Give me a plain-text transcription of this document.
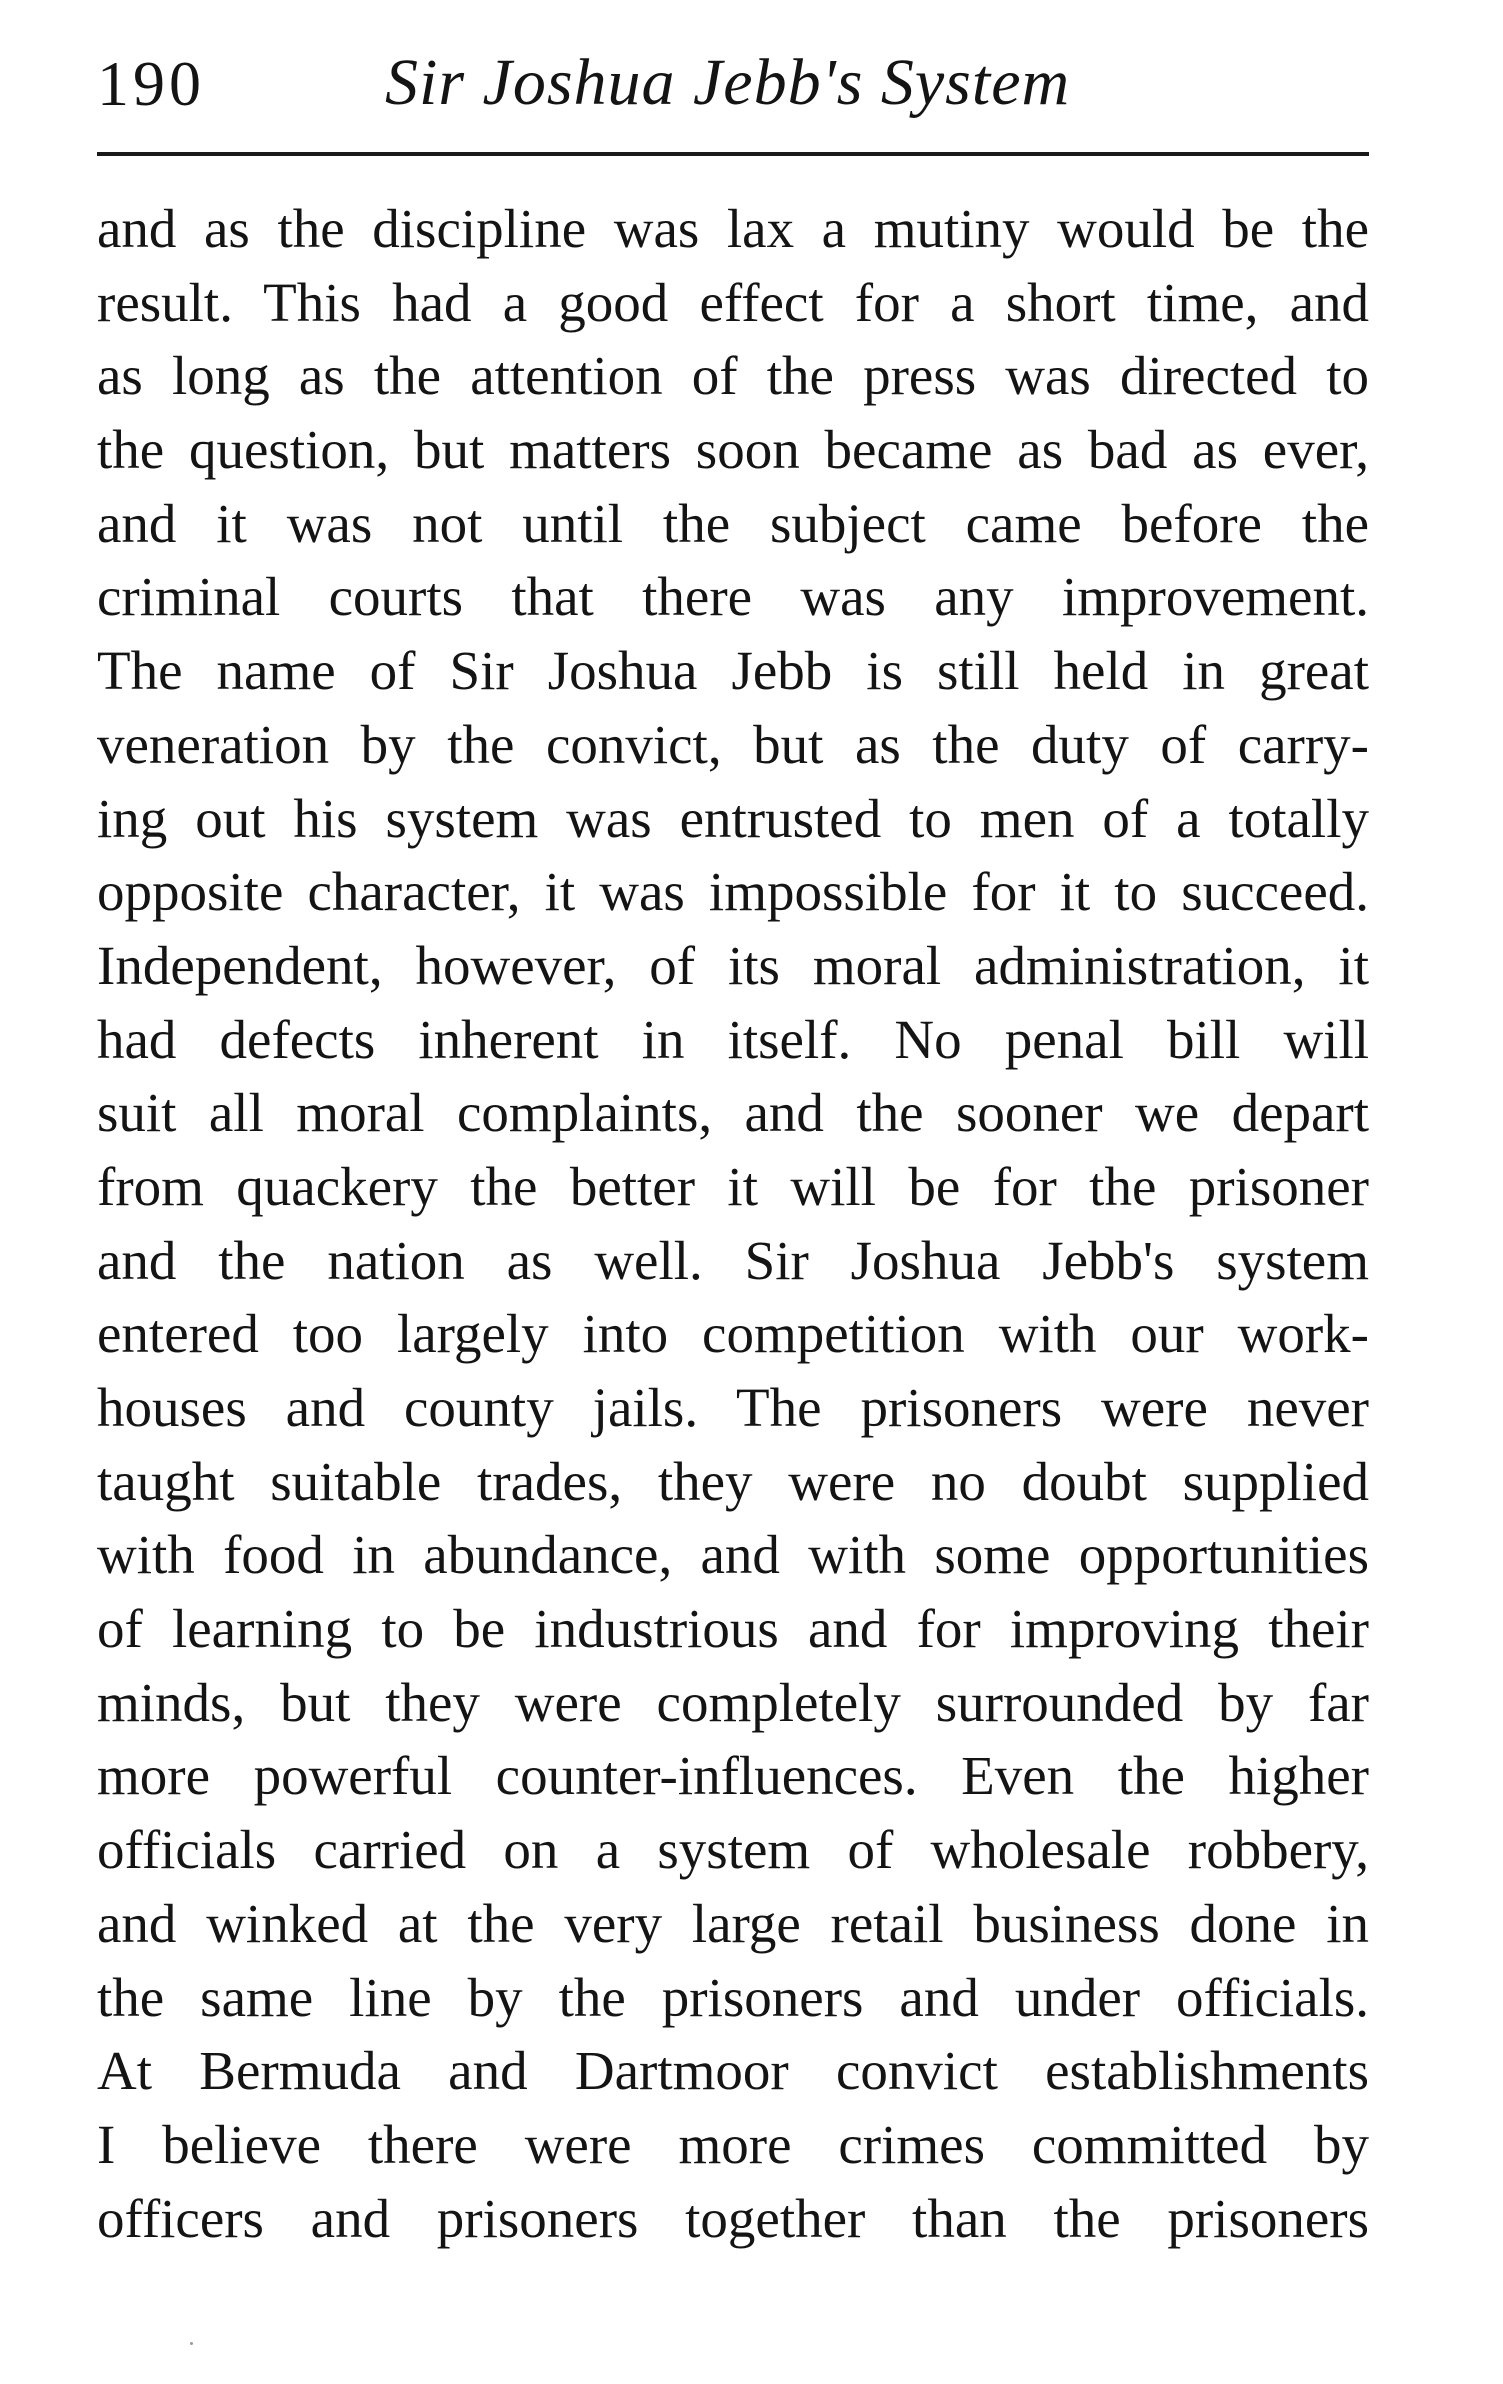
190	Sir Joshua Jebb's System
and as the discipline was lax a mutiny would be the
result. This had a good effect for a short time, and
as long as the attention of the press was directed to
the question, but matters soon became as bad as ever,
and it was not until the subject came before the
criminal courts that there was any improvement.
The name of Sir Joshua Jebb is still held in great
veneration by the convict, but as the duty of carry-
ing out his system was entrusted to men of a totally
opposite character, it was impossible for it to succeed.
Independent, however, of its moral administration, it
had defects inherent in itself. No penal bill will
suit all moral complaints, and the sooner we depart
from quackery the better it will be for the prisoner
and the nation as well. Sir Joshua Jebb's system
entered too largely into competition with our work-
houses and county jails. The prisoners were never
taught suitable trades, they were no doubt supplied
with food in abundance, and with some opportunities
of learning to be industrious and for improving their
minds, but they were completely surrounded by far
more powerful counter-influences. Even the higher
officials carried on a system of wholesale robbery,
and winked at the very large retail business done in
the same line by the prisoners and under officials.
At Bermuda and Dartmoor convict establishments
I believe there were more crimes committed by
officers and prisoners together than the prisoners
